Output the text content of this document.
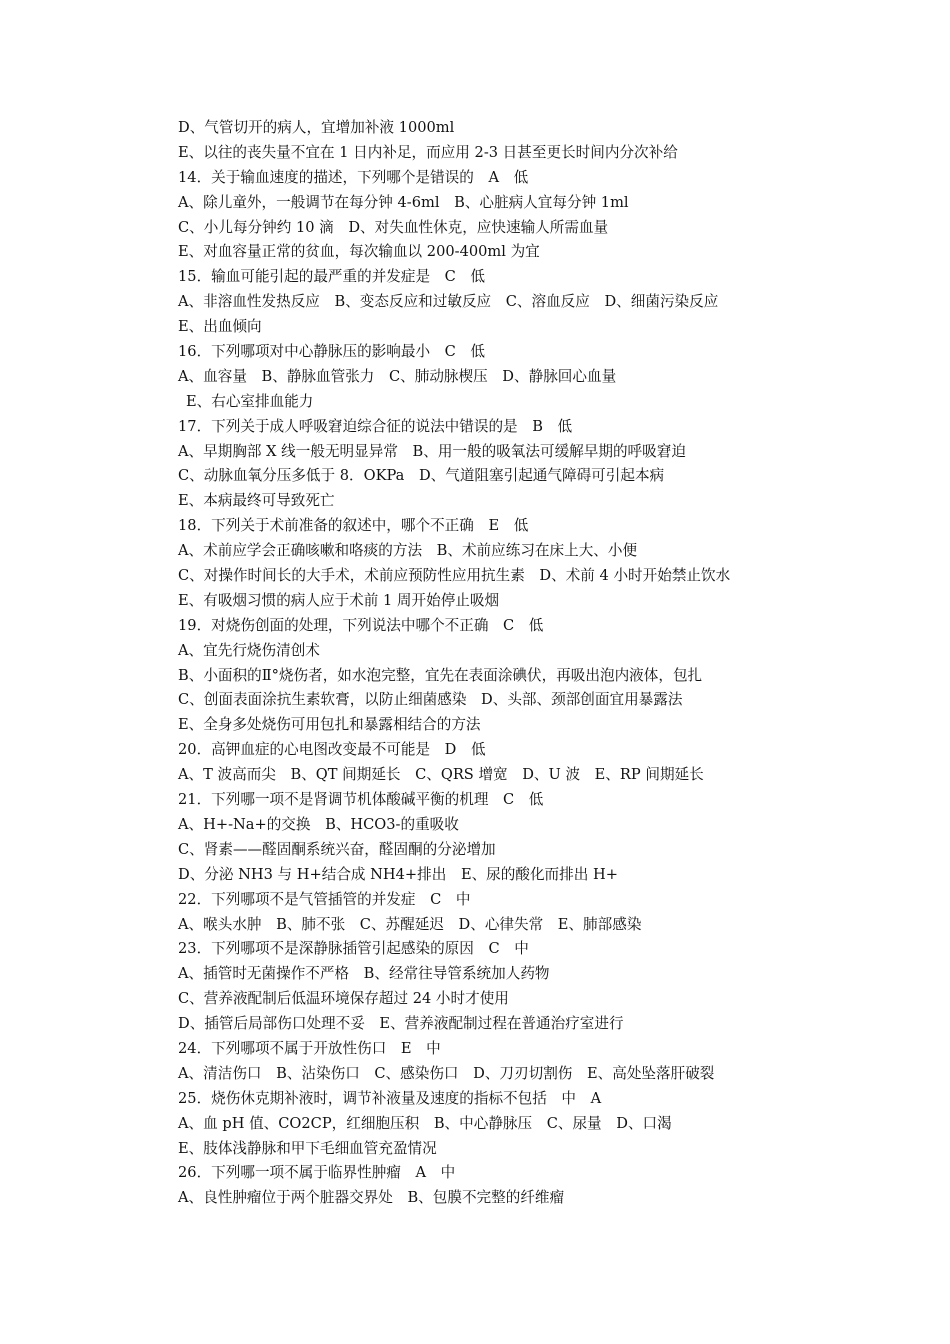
D、气管切开的病人，宜增加补液 1000ml
E、以往的丧失量不宜在 1 日内补足，而应用 2-3 日甚至更长时间内分次补给
14．关于输血速度的描述，下列哪个是错误的　A　低
A、除儿童外，一般调节在每分钟 4-6ml　B、心脏病人宜每分钟 1ml
C、小儿每分钟约 10 滴　D、对失血性休克，应快速输人所需血量
E、对血容量正常的贫血，每次输血以 200-400ml 为宜
15．输血可能引起的最严重的并发症是　C　低
A、非溶血性发热反应　B、变态反应和过敏反应　C、溶血反应　D、细菌污染反应
E、出血倾向
16．下列哪项对中心静脉压的影响最小　C　低
A、血容量　B、静脉血管张力　C、肺动脉楔压　D、静脉回心血量
E、右心室排血能力
17．下列关于成人呼吸窘迫综合征的说法中错误的是　B　低
A、早期胸部 X 线一般无明显异常　B、用一般的吸氧法可缓解早期的呼吸窘迫
C、动脉血氧分压多低于 8．OKPa　D、气道阻塞引起通气障碍可引起本病
E、本病最终可导致死亡
18．下列关于术前准备的叙述中，哪个不正确　E　低
A、术前应学会正确咳嗽和咯痰的方法　B、术前应练习在床上大、小便
C、对操作时间长的大手术，术前应预防性应用抗生素　D、术前 4 小时开始禁止饮水
E、有吸烟习惯的病人应于术前 1 周开始停止吸烟
19．对烧伤创面的处理，下列说法中哪个不正确　C　低
A、宜先行烧伤清创术
B、小面积的Ⅱ°烧伤者，如水泡完整，宜先在表面涂碘伏，再吸出泡内液体，包扎
C、创面表面涂抗生素软膏，以防止细菌感染　D、头部、颈部创面宜用暴露法
E、全身多处烧伤可用包扎和暴露相结合的方法
20．高钾血症的心电图改变最不可能是　D　低
A、T 波高而尖　B、QT 间期延长　C、QRS 增宽　D、U 波　E、RP 间期延长
21．下列哪一项不是肾调节机体酸碱平衡的机理　C　低
A、H+-Na+的交换　B、HCO3-的重吸收
C、肾素——醛固酮系统兴奋，醛固酮的分泌增加
D、分泌 NH3 与 H+结合成 NH4+排出　E、尿的酸化而排出 H+
22．下列哪项不是气管插管的并发症　C　中
A、喉头水肿　B、肺不张　C、苏醒延迟　D、心律失常　E、肺部感染
23．下列哪项不是深静脉插管引起感染的原因　C　中
A、插管时无菌操作不严格　B、经常往导管系统加人药物
C、营养液配制后低温环境保存超过 24 小时才使用
D、插管后局部伤口处理不妥　E、营养液配制过程在普通治疗室进行
24．下列哪项不属于开放性伤口　E　中
A、清洁伤口　B、沾染伤口　C、感染伤口　D、刀刃切割伤　E、高处坠落肝破裂
25．烧伤休克期补液时，调节补液量及速度的指标不包括　中　A
A、血 pH 值、CO2CP，红细胞压积　B、中心静脉压　C、尿量　D、口渴
E、肢体浅静脉和甲下毛细血管充盈情况
26．下列哪一项不属于临界性肿瘤　A　中
A、良性肿瘤位于两个脏器交界处　B、包膜不完整的纤维瘤
